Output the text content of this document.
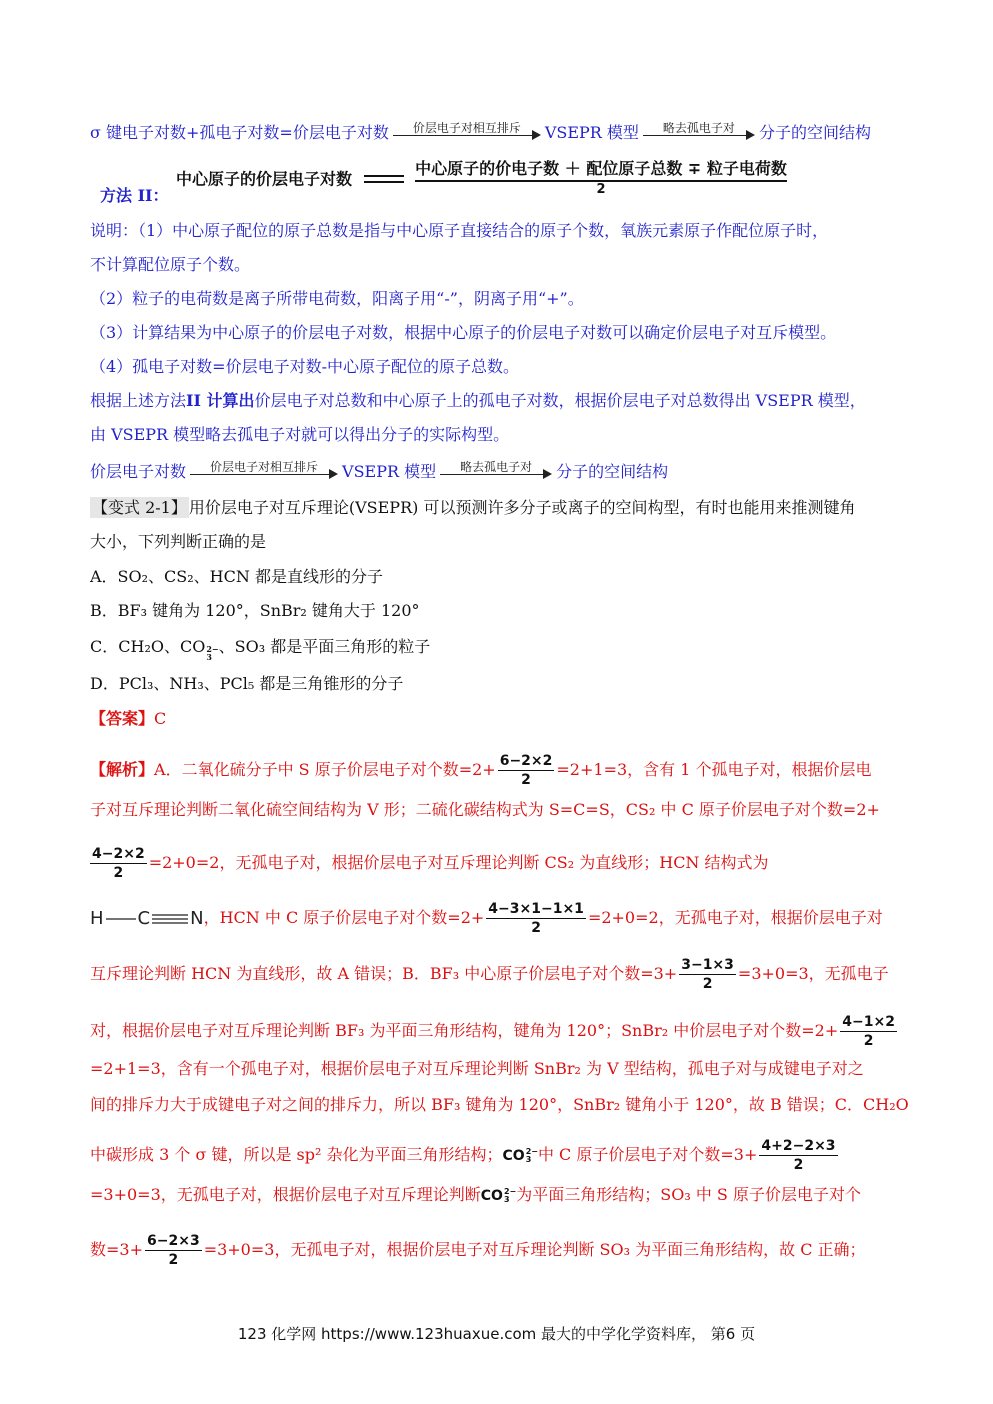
σ 键电子对数+孤电子对数=价层电子对数	价层电子对相互排斥	VSEPR 模型	略去孤电子对	分子的空间结构
中心原子的价层电子对数
中心原子的价电子数 ＋ 配位原子总数 ∓ 粒子电荷数
2
方法 II：
说明：（1）中心原子配位的原子总数是指与中心原子直接结合的原子个数，氧族元素原子作配位原子时，
不计算配位原子个数。
（2）粒子的电荷数是离子所带电荷数，阳离子用“-”，阴离子用“+”。
（3）计算结果为中心原子的价层电子对数，根据中心原子的价层电子对数可以确定价层电子对互斥模型。
（4）孤电子对数=价层电子对数-中心原子配位的原子总数。
根据上述方法II 计算出价层电子对总数和中心原子上的孤电子对数，根据价层电子对总数得出 VSEPR 模型，
由 VSEPR 模型略去孤电子对就可以得出分子的实际构型。
价层电子对数	价层电子对相互排斥	VSEPR 模型	略去孤电子对	分子的空间结构
【变式 2-1】 用价层电子对互斥理论(VSEPR) 可以预测许多分子或离子的空间构型，有时也能用来推测键角
大小，下列判断正确的是
A．SO₂、CS₂、HCN 都是直线形的分子
B．BF₃ 键角为 120°，SnBr₂ 键角大于 120°
C．CH₂O、CO 2−
3
、SO₃ 都是平面三角形的粒子
D．PCl₃、NH₃、PCl₅ 都是三角锥形的分子
【答案】C
【解析】A．二氧化硫分子中 S 原子价层电子对个数$=2+ \frac{6-2\times 2}{2} =2+1=3$，含有 1 个孤电子对，根据价层电
子对互斥理论判断二氧化硫空间结构为 V 形；二硫化碳结构式为 S=C=S，CS₂ 中 C 原子价层电子对个数=2+
$\frac{4-2\times 2}{2} =2+0=2$，无孤电子对，根据价层电子对互斥理论判断 CS₂ 为直线形；HCN 结构式为
H C N ，HCN 中 C 原子价层电子对个数$=2+ \frac{4-3\times 1-1\times 1}{2} =2+0=2$，无孤电子对，根据价层电子对
互斥理论判断 HCN 为直线形，故 A 错误；B．BF₃ 中心原子价层电子对个数$=3+ \frac{3-1\times 3}{2} =3+0=3$，无孤电子
对，根据价层电子对互斥理论判断 BF₃ 为平面三角形结构，键角为 120°；SnBr₂ 中价层电子对个数$=2+ \frac{4-1\times 2}{2}$
=2+1=3，含有一个孤电子对，根据价层电子对互斥理论判断 SnBr₂ 为 V 型结构，孤电子对与成键电子对之
间的排斥力大于成键电子对之间的排斥力，所以 BF₃ 键角为 120°，SnBr₂ 键角小于 120°，故 B 错误；C．CH₂O
中碳形成 3 个 σ 键，所以是 sp² 杂化为平面三角形结构； CO 2−
3 中 C 原子价层电子对个数$=3+ \frac{4+2-2\times 3}{2}$
=3+0=3，无孤电子对，根据价层电子对互斥理论判断 CO 2−
3 为平面三角形结构；SO₃ 中 S 原子价层电子对个
数$=3+ \frac{6-2\times 3}{2} =3+0=3$，无孤电子对，根据价层电子对互斥理论判断 SO₃ 为平面三角形结构，故 C 正确；
123 化学网 https://www.123huaxue.com 最大的中学化学资料库， 第6 页
